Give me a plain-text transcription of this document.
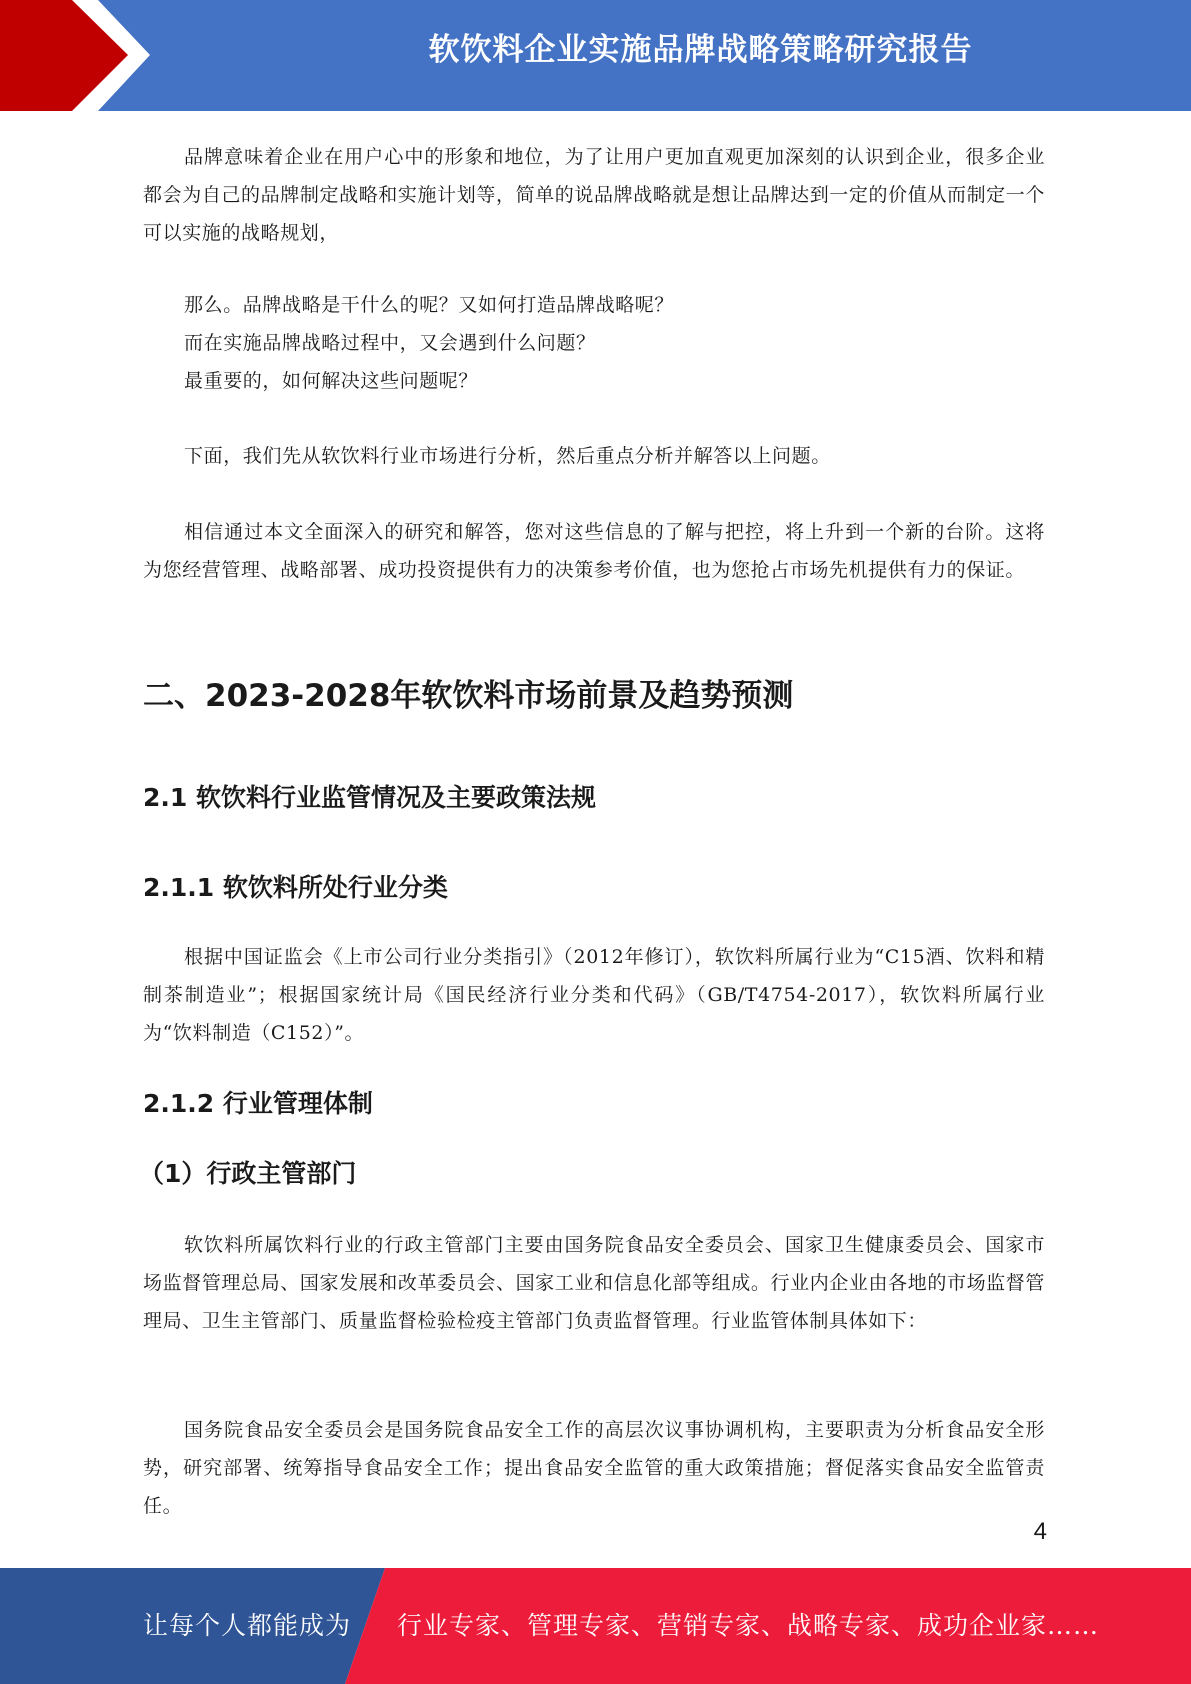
软饮料企业实施品牌战略策略研究报告

品牌意味着企业在用户心中的形象和地位，为了让用户更加直观更加深刻的认识到企业，很多企业都会为自己的品牌制定战略和实施计划等，简单的说品牌战略就是想让品牌达到一定的价值从而制定一个可以实施的战略规划，

那么。品牌战略是干什么的呢？又如何打造品牌战略呢？

而在实施品牌战略过程中，又会遇到什么问题？

最重要的，如何解决这些问题呢？

下面，我们先从软饮料行业市场进行分析，然后重点分析并解答以上问题。

相信通过本文全面深入的研究和解答，您对这些信息的了解与把控，将上升到一个新的台阶。这将为您经营管理、战略部署、成功投资提供有力的决策参考价值，也为您抢占市场先机提供有力的保证。

二、2023-2028年软饮料市场前景及趋势预测
2.1 软饮料行业监管情况及主要政策法规
2.1.1 软饮料所处行业分类

根据中国证监会《上市公司行业分类指引》（2012年修订），软饮料所属行业为“C15酒、饮料和精制茶制造业”；根据国家统计局《国民经济行业分类和代码》（GB/T4754-2017），软饮料所属行业为“饮料制造（C152）”。

2.1.2 行业管理体制
（1）行政主管部门

软饮料所属饮料行业的行政主管部门主要由国务院食品安全委员会、国家卫生健康委员会、国家市场监督管理总局、国家发展和改革委员会、国家工业和信息化部等组成。行业内企业由各地的市场监督管理局、卫生主管部门、质量监督检验检疫主管部门负责监督管理。行业监管体制具体如下：

国务院食品安全委员会是国务院食品安全工作的高层次议事协调机构，主要职责为分析食品安全形势，研究部署、统筹指导食品安全工作；提出食品安全监管的重大政策措施；督促落实食品安全监管责任。

4
让每个人都能成为 行业专家、管理专家、营销专家、战略专家、成功企业家……
